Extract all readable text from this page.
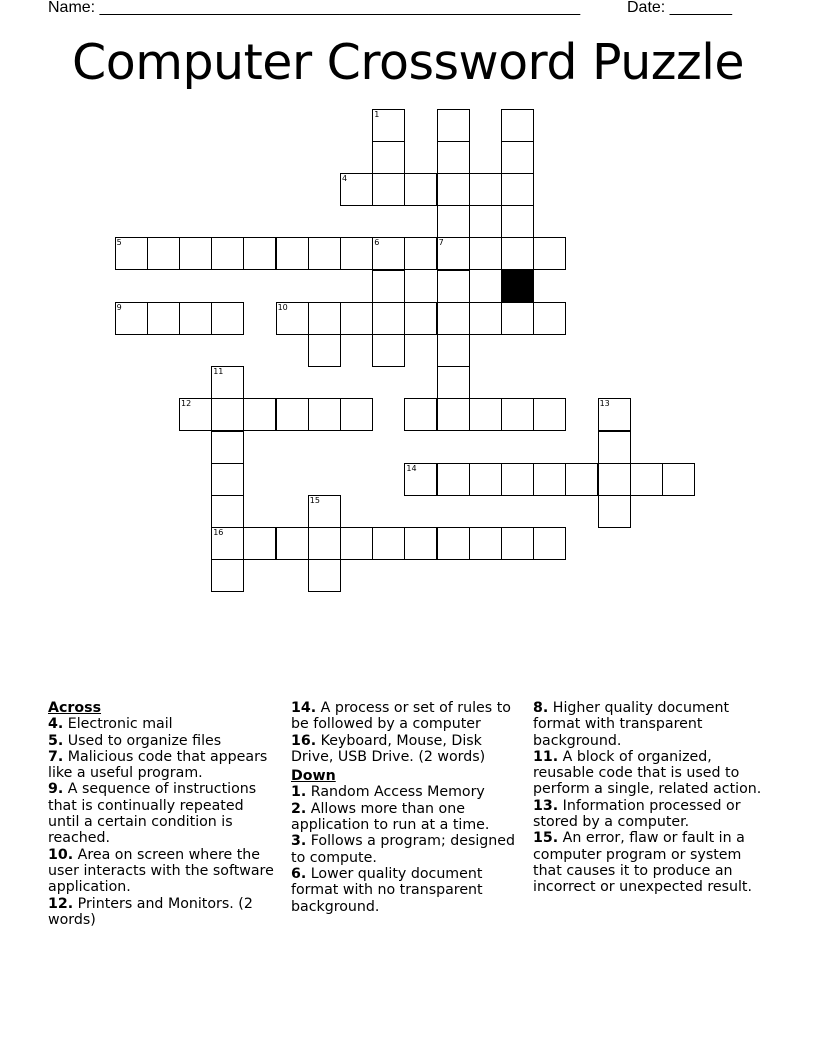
Name: ______________________________________________________	Date: _______
Computer Crossword Puzzle
1
7
4
6
5
9	10
11
16
12	13
14
15
Across
4. Electronic mail
5. Used to organize files
7. Malicious code that appears like a useful program.
9. A sequence of instructions that is continually repeated until a certain condition is reached.
10. Area on screen where the user interacts with the software application.
12. Printers and Monitors. (2 words)
14. A process or set of rules to be followed by a computer
16. Keyboard, Mouse, Disk Drive, USB Drive. (2 words)
Down
1. Random Access Memory
2. Allows more than one application to run at a time.
3. Follows a program; designed to compute.
6. Lower quality document format with no transparent background.
8. Higher quality document format with transparent background.
11. A block of organized, reusable code that is used to perform a single, related action.
13. Information processed or stored by a computer.
15. An error, flaw or fault in a computer program or system that causes it to produce an incorrect or unexpected result.
